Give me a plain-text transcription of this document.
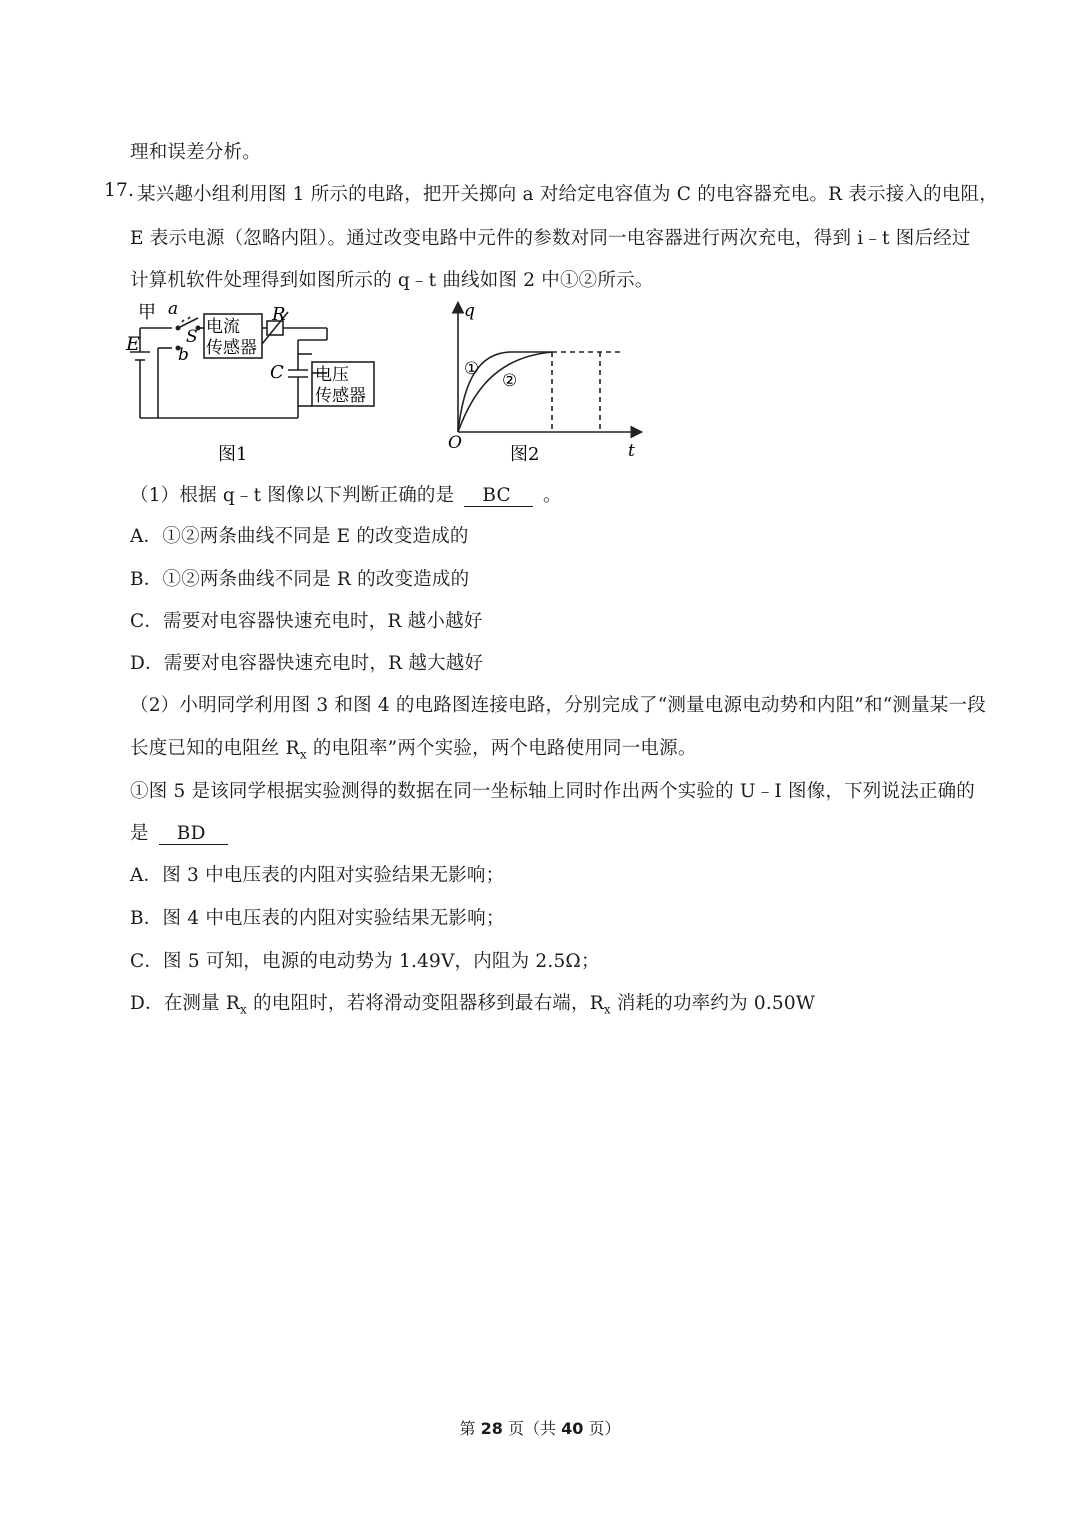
理和误差分析。
17. 某兴趣小组利用图 1 所示的电路，把开关掷向 a 对给定电容值为 C 的电容器充电。R 表示接入的电阻，
E 表示电源（忽略内阻）。通过改变电路中元件的参数对同一电容器进行两次充电，得到 i﹣t 图后经过
计算机软件处理得到如图所示的 q﹣t 曲线如图 2 中①②所示。
甲 a
S
b
E
R
C
电流
传感器
电压
传感器
图1
q
t
O
①
②
图2
（1）根据 q﹣t 图像以下判断正确的是 BC 。
A．①②两条曲线不同是 E 的改变造成的
B．①②两条曲线不同是 R 的改变造成的
C．需要对电容器快速充电时，R 越小越好
D．需要对电容器快速充电时，R 越大越好
（2）小明同学利用图 3 和图 4 的电路图连接电路，分别完成了“测量电源电动势和内阻”和“测量某一段
长度已知的电阻丝 $R_x$ 的电阻率”两个实验，两个电路使用同一电源。
①图 5 是该同学根据实验测得的数据在同一坐标轴上同时作出两个实验的 U﹣I 图像，下列说法正确的
是 BD
A．图 3 中电压表的内阻对实验结果无影响；
B．图 4 中电压表的内阻对实验结果无影响；
C．图 5 可知，电源的电动势为 1.49V，内阻为 2.5Ω；
D．在测量 $R_x$ 的电阻时，若将滑动变阻器移到最右端，$R_x$ 消耗的功率约为 0.50W
第 28 页（共 40 页）
